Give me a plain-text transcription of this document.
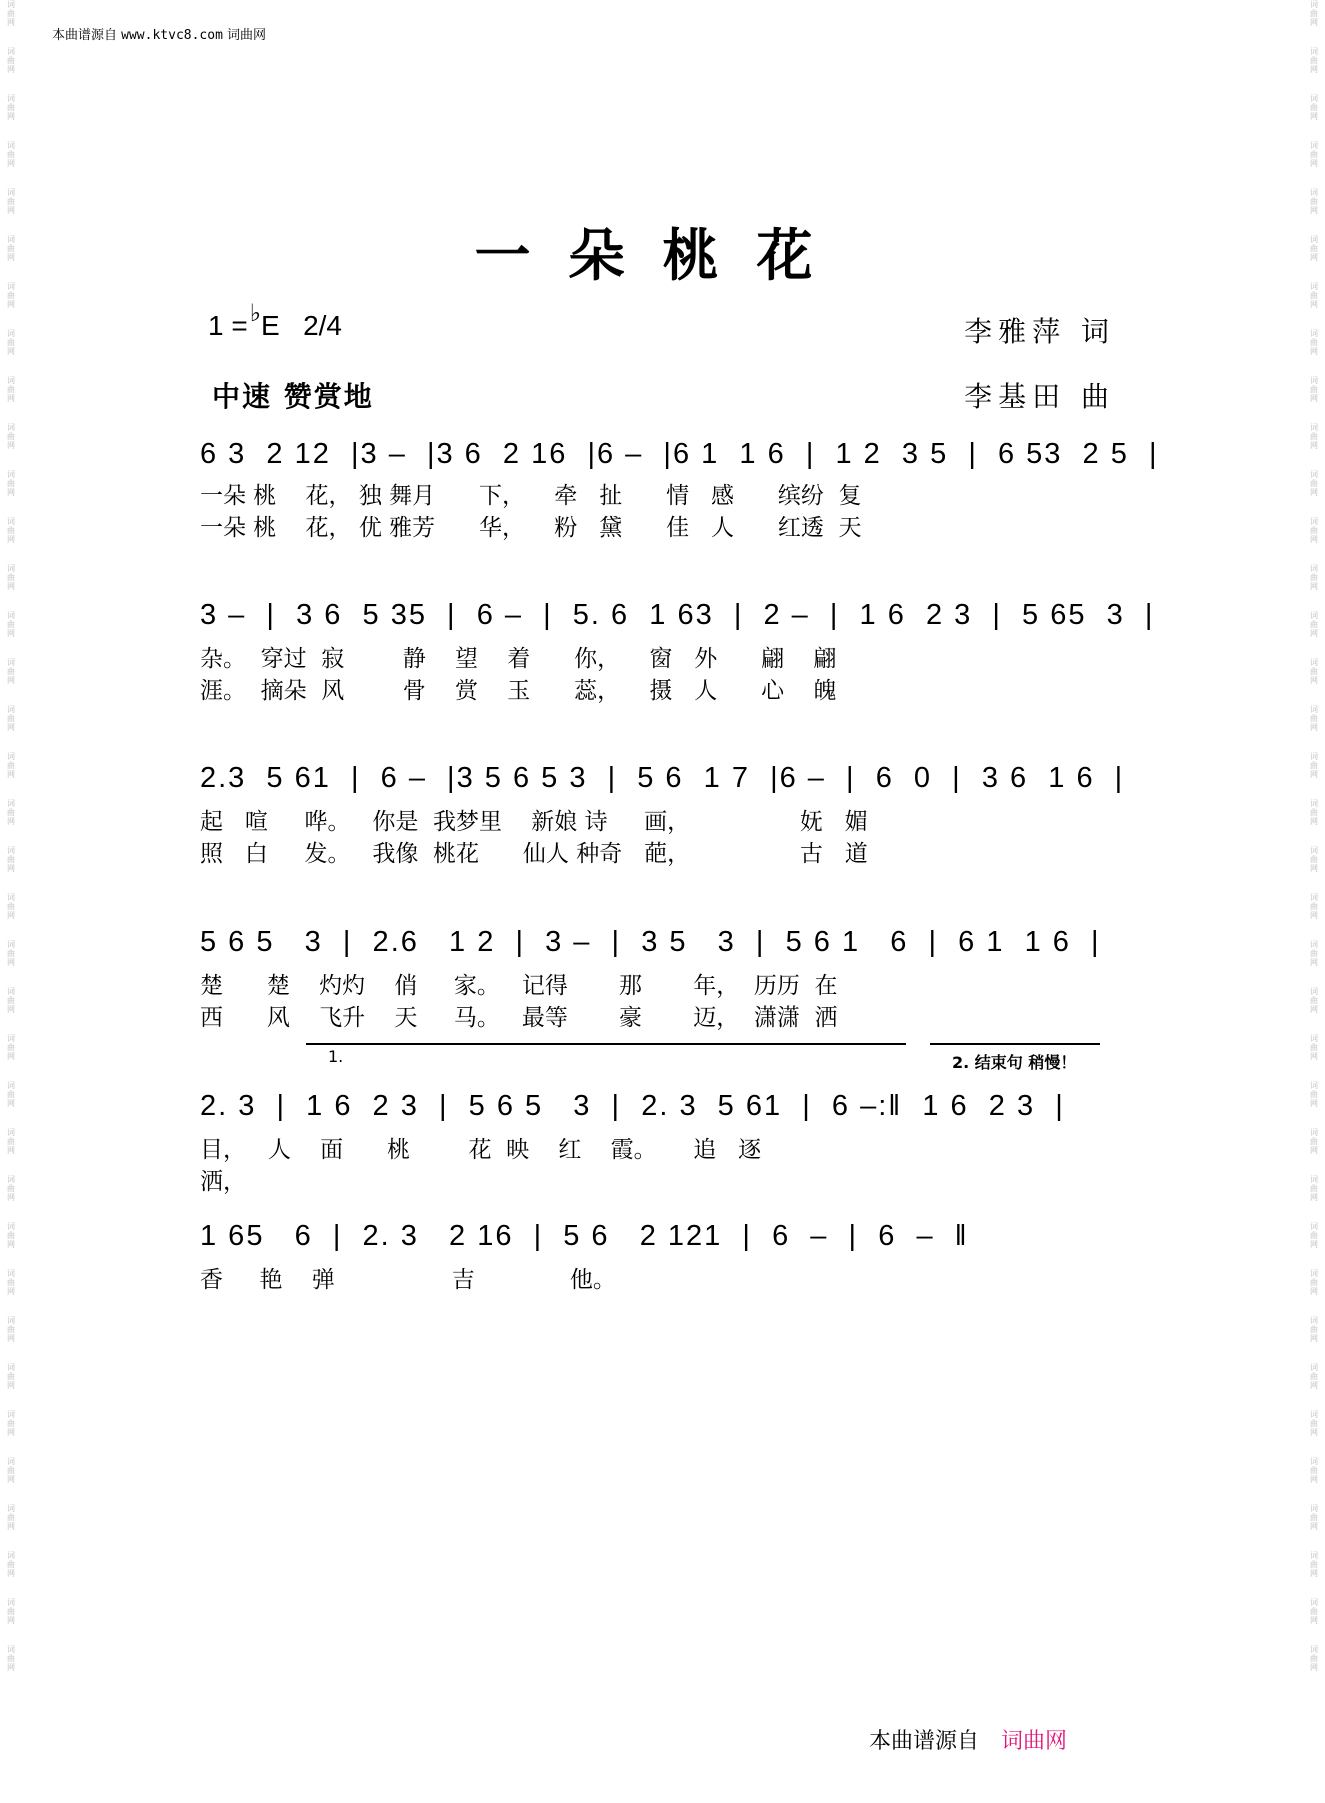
词
曲
网
词
曲
网
词
曲
网
词
曲
网
词
曲
网
词
曲
网
词
曲
网
词
曲
网
词
曲
网
词
曲
网
词
曲
网
词
曲
网
词
曲
网
词
曲
网
词
曲
网
词
曲
网
词
曲
网
词
曲
网
词
曲
网
词
曲
网
词
曲
网
词
曲
网
词
曲
网
词
曲
网
词
曲
网
词
曲
网
词
曲
网
词
曲
网
词
曲
网
词
曲
网
词
曲
网
词
曲
网
词
曲
网
词
曲
网
词
曲
网
词
曲
网
词
曲
网
词
曲
网
词
曲
网
词
曲
网
词
曲
网
词
曲
网
词
曲
网
词
曲
网
词
曲
网
词
曲
网
词
曲
网
词
曲
网
词
曲
网
词
曲
网
词
曲
网
词
曲
网
词
曲
网
词
曲
网
词
曲
网
词
曲
网
词
曲
网
词
曲
网
词
曲
网
词
曲
网
词
曲
网
词
曲
网
词
曲
网
词
曲
网
词
曲
网
词
曲
网
词
曲
网
词
曲
网
词
曲
网
词
曲
网
词
曲
网
词
曲
网
本曲谱源自 www.ktvc8.com 词曲网
一朵桃花
1 =♭E 2/4
中速 赞赏地
李雅萍 词
李基田 曲
6 3  2 12  |3 –  |3 6  2 16  |6 –  |6 1  1 6  |  1 2  3 5  |  6 53  2 5  |
一朵 桃    花， 独 舞月      下，    牵   扯      情   感      缤纷  复
一朵 桃    花， 优 雅芳      华，    粉   黛      佳   人      红透  天
3 –  |  3 6  5 35  |  6 –  |  5. 6  1 63  |  2 –  |  1 6  2 3  |  5 65  3  |
杂。  穿过  寂        静    望    着      你，    窗   外      翩    翩
涯。  摘朵  风        骨    赏    玉      蕊，    摄   人      心    魄
2.3  5 61  |  6 –  |3 5 6 5 3  |  5 6  1 7  |6 –  |  6  0  |  3 6  1 6  |
起   喧     哗。   你是  我梦里    新娘 诗     画，               妩   媚
照   白     发。   我像  桃花      仙人 种奇   葩，               古   道
5 6 5   3  |  2.6   1 2  |  3 –  |  3 5   3  |  5 6 1   6  |  6 1  1 6  |
楚      楚    灼灼    俏     家。   记得       那       年，  历历  在
西      风    飞升    天     马。   最等       豪       迈，  潇潇  洒
1.	2. 结束句 稍慢！
2. 3  |  1 6  2 3  |  5 6 5   3  |  2. 3  5 61  |  6 –:‖  1 6  2 3  |
目，   人    面      桃        花  映    红    霞。     追   逐
洒，
1 65   6  |  2. 3   2 16  |  5 6   2 121  |  6  –  |  6  –  ‖
香     艳    弹                吉             他。
本曲谱源自 词曲网
